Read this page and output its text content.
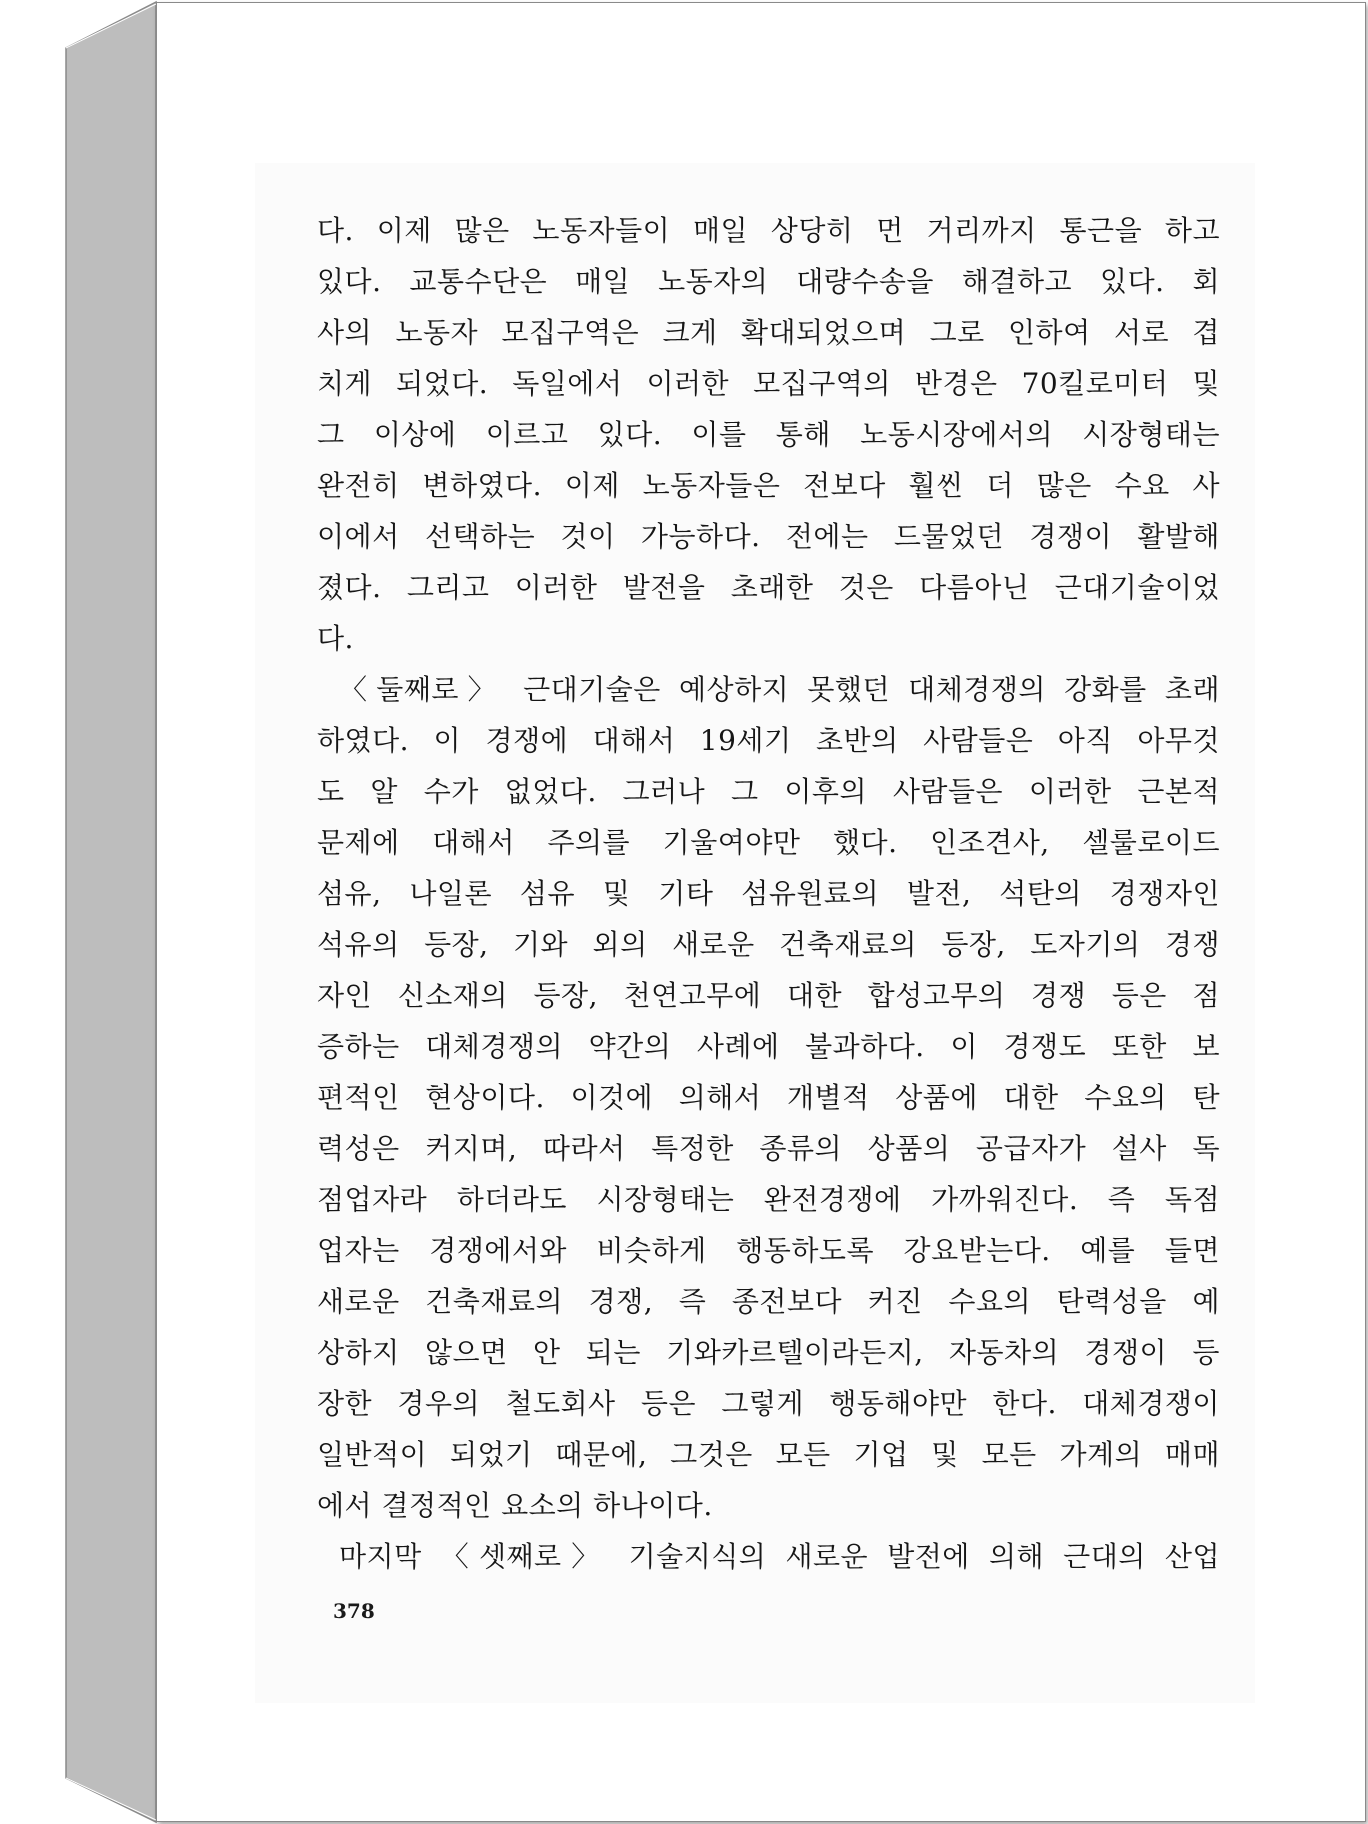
다. 이제 많은 노동자들이 매일 상당히 먼 거리까지 통근을 하고
있다. 교통수단은 매일 노동자의 대량수송을 해결하고 있다. 회
사의 노동자 모집구역은 크게 확대되었으며 그로 인하여 서로 겹
치게 되었다. 독일에서 이러한 모집구역의 반경은 70킬로미터 및
그 이상에 이르고 있다. 이를 통해 노동시장에서의 시장형태는
완전히 변하였다. 이제 노동자들은 전보다 훨씬 더 많은 수요 사
이에서 선택하는 것이 가능하다. 전에는 드물었던 경쟁이 활발해
졌다. 그리고 이러한 발전을 초래한 것은 다름아닌 근대기술이었
다.
〈둘째로〉 근대기술은 예상하지 못했던 대체경쟁의 강화를 초래
하였다. 이 경쟁에 대해서 19세기 초반의 사람들은 아직 아무것
도 알 수가 없었다. 그러나 그 이후의 사람들은 이러한 근본적
문제에 대해서 주의를 기울여야만 했다. 인조견사, 셀룰로이드
섬유, 나일론 섬유 및 기타 섬유원료의 발전, 석탄의 경쟁자인
석유의 등장, 기와 외의 새로운 건축재료의 등장, 도자기의 경쟁
자인 신소재의 등장, 천연고무에 대한 합성고무의 경쟁 등은 점
증하는 대체경쟁의 약간의 사례에 불과하다. 이 경쟁도 또한 보
편적인 현상이다. 이것에 의해서 개별적 상품에 대한 수요의 탄
력성은 커지며, 따라서 특정한 종류의 상품의 공급자가 설사 독
점업자라 하더라도 시장형태는 완전경쟁에 가까워진다. 즉 독점
업자는 경쟁에서와 비슷하게 행동하도록 강요받는다. 예를 들면
새로운 건축재료의 경쟁, 즉 종전보다 커진 수요의 탄력성을 예
상하지 않으면 안 되는 기와카르텔이라든지, 자동차의 경쟁이 등
장한 경우의 철도회사 등은 그렇게 행동해야만 한다. 대체경쟁이
일반적이 되었기 때문에, 그것은 모든 기업 및 모든 가계의 매매
에서 결정적인 요소의 하나이다.
마지막 〈셋째로〉 기술지식의 새로운 발전에 의해 근대의 산업
378
